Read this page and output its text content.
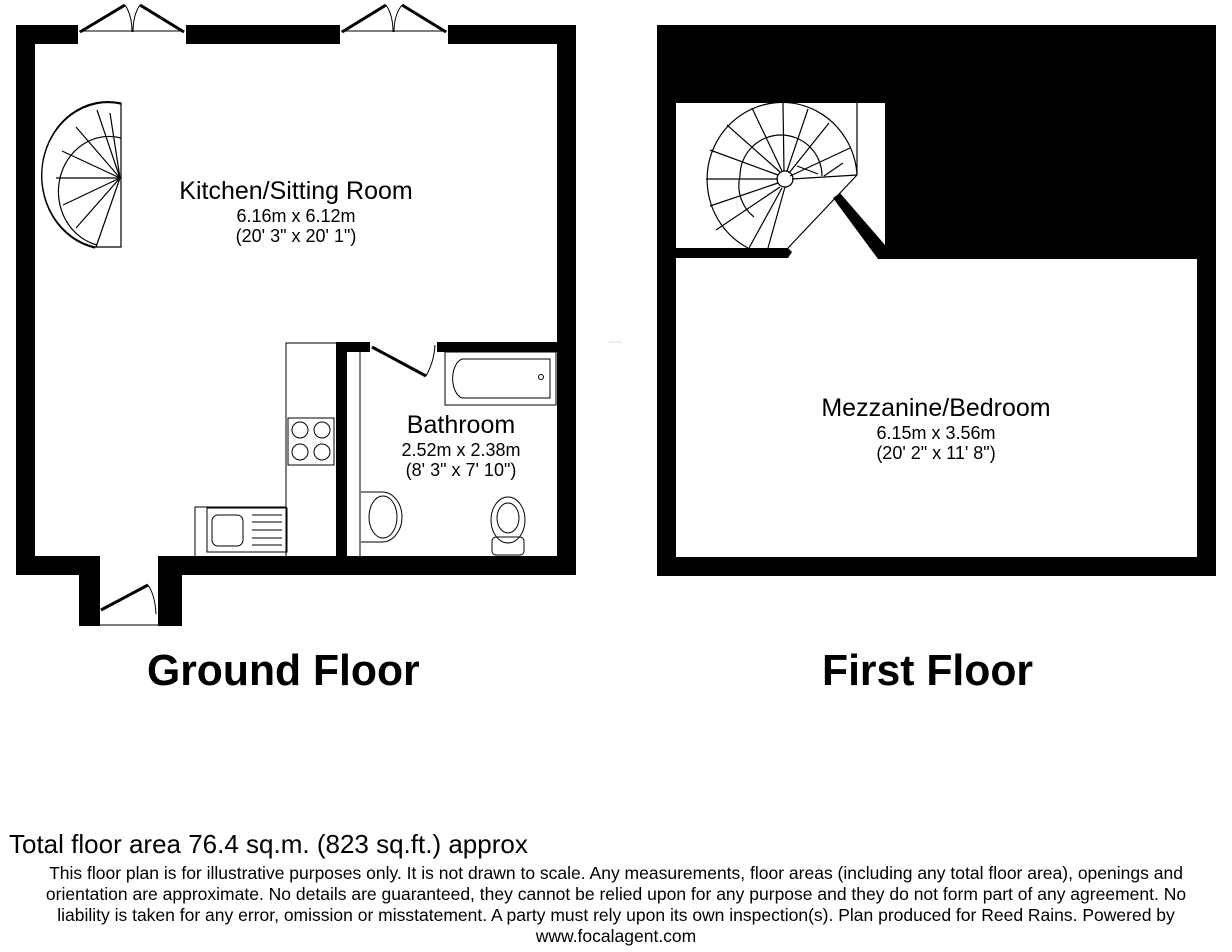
Kitchen/Sitting Room
6.16m x 6.12m
(20' 3" x 20' 1")
Bathroom
2.52m x 2.38m
(8' 3" x 7' 10")
Mezzanine/Bedroom
6.15m x 3.56m
(20' 2" x 11' 8")
Ground Floor	First Floor
Total floor area 76.4 sq.m. (823 sq.ft.) approx
This floor plan is for illustrative purposes only. It is not drawn to scale. Any measurements, floor areas (including any total floor area), openings and
orientation are approximate. No details are guaranteed, they cannot be relied upon for any purpose and they do not form part of any agreement. No
liability is taken for any error, omission or misstatement. A party must rely upon its own inspection(s). Plan produced for Reed Rains. Powered by
www.focalagent.com
